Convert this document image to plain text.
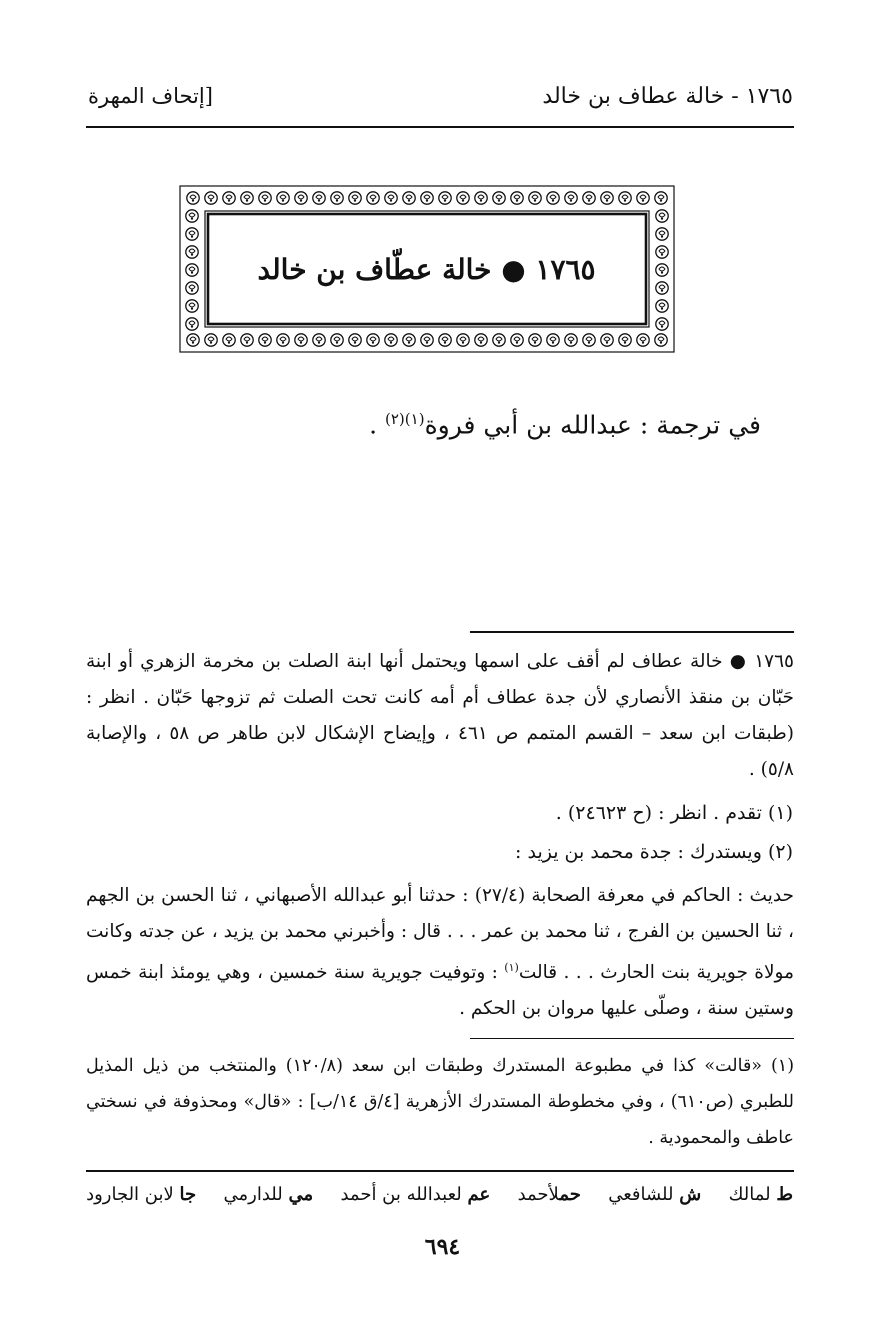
[إتحاف المهرة	١٧٦٥ - خالة عطاف بن خالد
١٧٦٥ ● خالة عطّاف بن خالد
في ترجمة : عبدالله بن أبي فروة$^{(١)(٢)}$ .
١٧٦٥ ● خالة عطاف لم أقف على اسمها ويحتمل أنها ابنة الصلت بن مخرمة الزهري أو ابنة حَبّان بن منقذ الأنصاري لأن جدة عطاف أم أمه كانت تحت الصلت ثم تزوجها حَبّان . انظر : (طبقات ابن سعد – القسم المتمم ص ٤٦١ ، وإيضاح الإشكال لابن طاهر ص ٥٨ ، والإصابة ٥/٨) .
(١) تقدم . انظر : (ح ٢٤٦٢٣) .
(٢) ويستدرك : جدة محمد بن يزيد :
حديث : الحاكم في معرفة الصحابة (٢٧/٤) : حدثنا أبو عبدالله الأصبهاني ، ثنا الحسن بن الجهم ، ثنا الحسين بن الفرج ، ثنا محمد بن عمر . . . قال : وأخبرني محمد بن يزيد ، عن جدته وكانت مولاة جويرية بنت الحارث . . . قالت$^{(١)}$ : وتوفيت جويرية سنة خمسين ، وهي يومئذ ابنة خمس وستين سنة ، وصلّى عليها مروان بن الحكم .
(١) «قالت» كذا في مطبوعة المستدرك وطبقات ابن سعد (١٢٠/٨) والمنتخب من ذيل المذيل للطبري (ص٦١٠) ، وفي مخطوطة المستدرك الأزهرية [٤/ق ١٤/ب] : «قال» ومحذوفة في نسختي عاطف والمحمودية .
ط لمالك
ش للشافعي
حملأحمد
عم لعبدالله بن أحمد
مي للدارمي
جا لابن الجارود
٦٩٤
